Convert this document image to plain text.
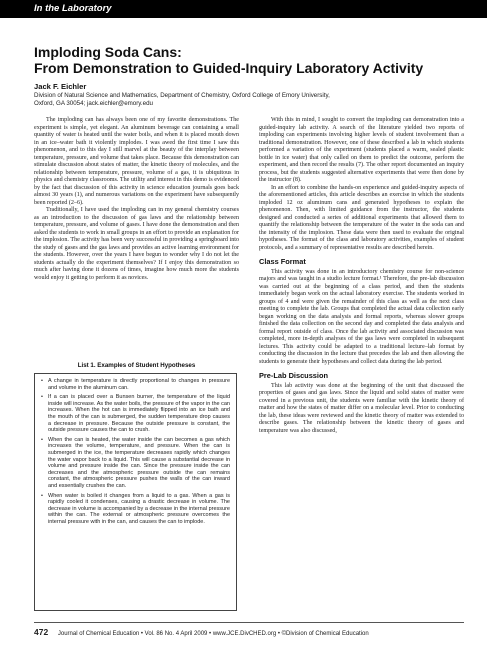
In the Laboratory
Imploding Soda Cans:
From Demonstration to Guided-Inquiry Laboratory Activity
Jack F. Eichler
Division of Natural Science and Mathematics, Department of Chemistry, Oxford College of Emory University,
Oxford, GA 30054; jack.eichler@emory.edu

The imploding can has always been one of my favorite demonstrations. The experiment is simple, yet elegant. An aluminum beverage can containing a small quantity of water is heated until the water boils, and when it is placed mouth down in an ice–water bath it violently implodes. I was awed the first time I saw this phenomenon, and to this day I still marvel at the beauty of the interplay between temperature, pressure, and volume that takes place. Because this demonstration can stimulate discussion about states of matter, the kinetic theory of molecules, and the relationship between temperature, pressure, volume of a gas, it is ubiquitous in physics and chemistry classrooms. The utility and interest in this demo is evidenced by the fact that discussion of this activity in science education journals goes back almost 30 years (1), and numerous variations on the experiment have subsequently been reported (2–6).

Traditionally, I have used the imploding can in my general chemistry courses as an introduction to the discussion of gas laws and the relationship between temperature, pressure, and volume of gases. I have done the demonstration and then asked the students to work in small groups in an effort to provide an explanation for the implosion. The activity has been very successful in providing a springboard into the study of gases and the gas laws and provides an active learning environment for the students. However, over the years I have begun to wonder why I do not let the students actually do the experiment themselves? If I enjoy this demonstration so much after having done it dozens of times, imagine how much more the students would enjoy it getting to perform it as novices.

List 1. Examples of Student Hypotheses
• A change in temperature is directly proportional to changes in pressure and volume in the aluminum can.
• If a can is placed over a Bunsen burner, the temperature of the liquid inside will increase. As the water boils, the pressure of the vapor in the can increases. When the hot can is immediately flipped into an ice bath and the mouth of the can is submerged, the sudden temperature drop causes a decrease in pressure. Because the outside pressure is constant, the outside pressure causes the can to crush.
• When the can is heated, the water inside the can becomes a gas which increases the volume, temperature, and pressure. When the can is submerged in the ice, the temperature decreases rapidly which changes the water vapor back to a liquid. This will cause a substantial decrease in volume and pressure inside the can. Since the pressure inside the can decreases and the atmospheric pressure outside the can remains constant, the atmospheric pressure pushes the walls of the can inward and essentially crushes the can.
• When water is boiled it changes from a liquid to a gas. When a gas is rapidly cooled it condenses, causing a drastic decrease in volume. The decrease in volume is accompanied by a decrease in the internal pressure within the can. The external or atmospheric pressure overcomes the internal pressure with in the can, and causes the can to implode.

With this in mind, I sought to convert the imploding can demonstration into a guided-inquiry lab activity. A search of the literature yielded two reports of imploding can experiments involving higher levels of student involvement than a traditional demonstration. However, one of these described a lab in which students performed a variation of the experiment (students placed a warm, sealed plastic bottle in ice water) that only called on them to predict the outcome, perform the experiment, and then record the results (7). The other report documented an inquiry process, but the students suggested alternative experiments that were then done by the instructor (8).

In an effort to combine the hands-on experience and guided-inquiry aspects of the aforementioned articles, this article describes an exercise in which the students imploded 12 oz aluminum cans and generated hypotheses to explain the phenomenon. Then, with limited guidance from the instructor, the students designed and conducted a series of additional experiments that allowed them to quantify the relationship between the temperature of the water in the soda can and the intensity of the implosion. These data were then used to evaluate the original hypotheses. The format of the class and laboratory activities, examples of student protocols, and a summary of representative results are described herein.

Class Format

This activity was done in an introductory chemistry course for non-science majors and was taught in a studio lecture format.¹ Therefore, the pre-lab discussion was carried out at the beginning of a class period, and then the students immediately began work on the actual laboratory exercise. The students worked in groups of 4 and were given the remainder of this class as well as the next class meeting to complete the lab. Groups that completed the actual data collection early began working on the data analysis and formal reports, whereas slower groups finished the data collection on the second day and completed the data analysis and formal report outside of class. Once the lab activity and associated discussion was completed, more in-depth analyses of the gas laws were completed in subsequent lectures. This activity could be adapted to a traditional lecture–lab format by conducting the discussion in the lecture that precedes the lab and then allowing the students to generate their hypotheses and collect data during the lab period.

Pre-Lab Discussion

This lab activity was done at the beginning of the unit that discussed the properties of gases and gas laws. Since the liquid and solid states of matter were covered in a previous unit, the students were familiar with the kinetic theory of matter and how the states of matter differ on a molecular level. Prior to conducting the lab, these ideas were reviewed and the kinetic theory of matter was extended to describe gases. The relationship between the kinetic theory of gases and temperature was also discussed,

472 Journal of Chemical Education • Vol. 86 No. 4 April 2009 • www.JCE.DivCHED.org • ©Division of Chemical Education
